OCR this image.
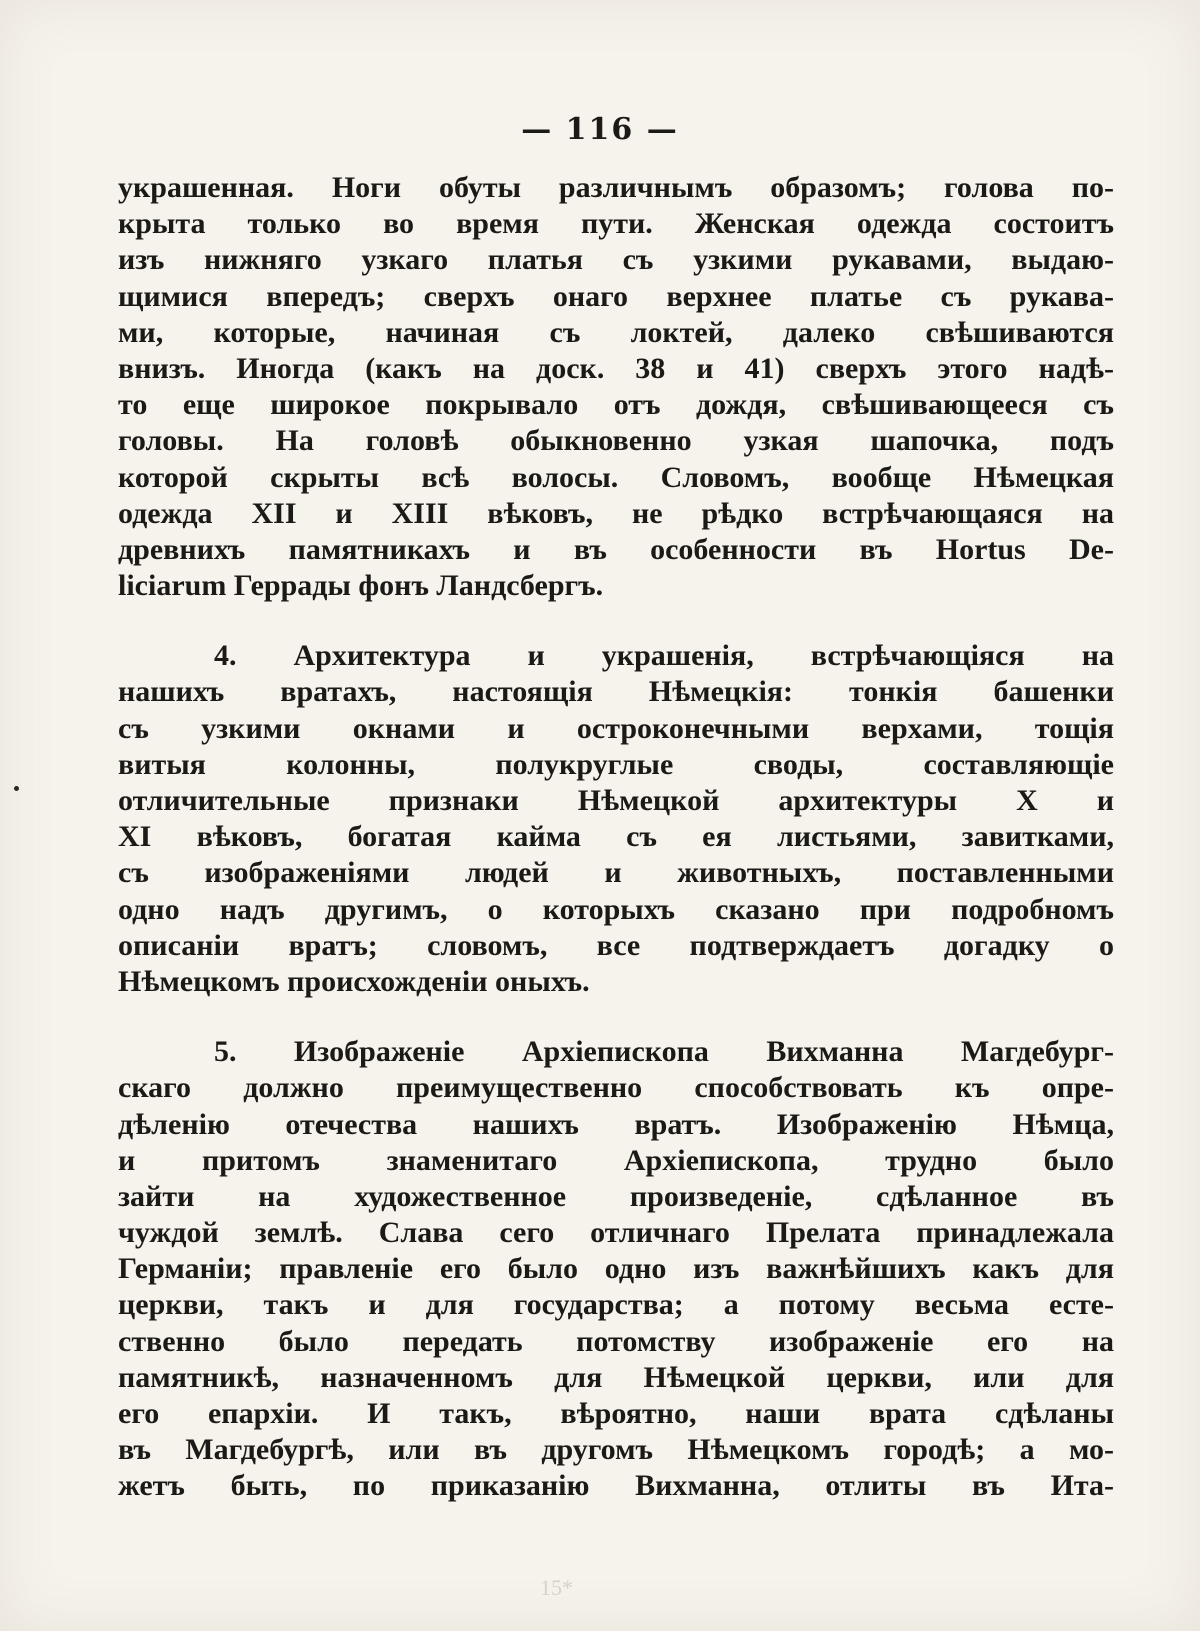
— 116 —
украшенная. Ноги обуты различнымъ образомъ; голова по-
крыта только во время пути. Женская одежда состоитъ
изъ нижняго узкаго платья съ узкими рукавами, выдаю-
щимися впередъ; сверхъ онаго верхнее платье съ рукава-
ми, которые, начиная съ локтей, далеко свѣшиваются
внизъ. Иногда (какъ на доск. 38 и 41) сверхъ этого надѣ-
то еще широкое покрывало отъ дождя, свѣшивающееся съ
головы. На головѣ обыкновенно узкая шапочка, подъ
которой скрыты всѣ волосы. Словомъ, вообще Нѣмецкая
одежда XII и XIII вѣковъ, не рѣдко встрѣчающаяся на
древнихъ памятникахъ и въ особенности въ Hortus De-
liciarum Геррады фонъ Ландсбергъ.
4. Архитектура и украшенія, встрѣчающіяся на
нашихъ вратахъ, настоящія Нѣмецкія: тонкія башенки
съ узкими окнами и остроконечными верхами, тощія
витыя колонны, полукруглые своды, составляющіе
отличительные признаки Нѣмецкой архитектуры X и
XI вѣковъ, богатая кайма съ ея листьями, завитками,
съ изображеніями людей и животныхъ, поставленными
одно надъ другимъ, о которыхъ сказано при подробномъ
описаніи вратъ; словомъ, все подтверждаетъ догадку о
Нѣмецкомъ происхожденіи оныхъ.
5. Изображеніе Архіепископа Вихманна Магдебург-
скаго должно преимущественно способствовать къ опре-
дѣленію отечества нашихъ вратъ. Изображенію Нѣмца,
и притомъ знаменитаго Архіепископа, трудно было
зайти на художественное произведеніе, сдѣланное въ
чуждой землѣ. Слава сего отличнаго Прелата принадлежала
Германіи; правленіе его было одно изъ важнѣйшихъ какъ для
церкви, такъ и для государства; а потому весьма есте-
ственно было передать потомству изображеніе его на
памятникѣ, назначенномъ для Нѣмецкой церкви, или для
его епархіи. И такъ, вѣроятно, наши врата сдѣланы
въ Магдебургѣ, или въ другомъ Нѣмецкомъ городѣ; а мо-
жетъ быть, по приказанію Вихманна, отлиты въ Ита-
15*
